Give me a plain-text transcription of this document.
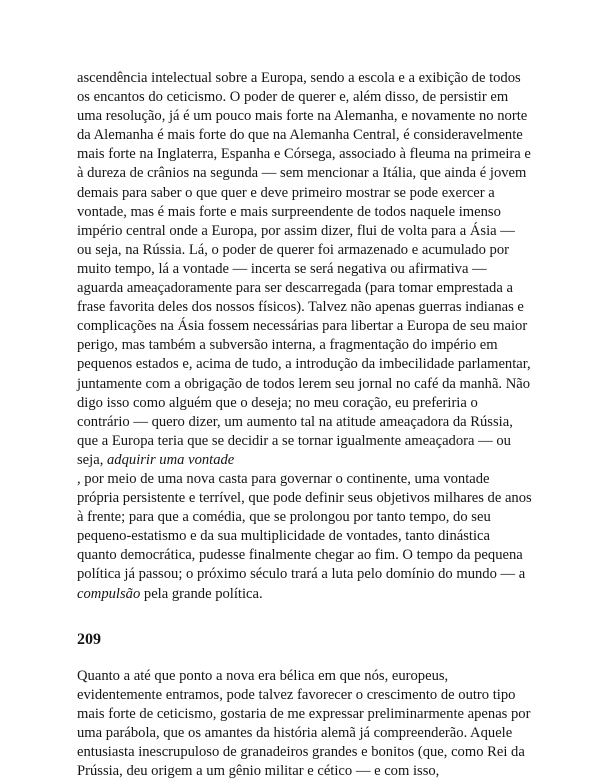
ascendência intelectual sobre a Europa, sendo a escola e a exibição de todos os encantos do ceticismo. O poder de querer e, além disso, de persistir em uma resolução, já é um pouco mais forte na Alemanha, e novamente no norte da Alemanha é mais forte do que na Alemanha Central, é consideravelmente mais forte na Inglaterra, Espanha e Córsega, associado à fleuma na primeira e à dureza de crânios na segunda — sem mencionar a Itália, que ainda é jovem demais para saber o que quer e deve primeiro mostrar se pode exercer a vontade, mas é mais forte e mais surpreendente de todos naquele imenso império central onde a Europa, por assim dizer, flui de volta para a Ásia — ou seja, na Rússia. Lá, o poder de querer foi armazenado e acumulado por muito tempo, lá a vontade — incerta se será negativa ou afirmativa — aguarda ameaçadoramente para ser descarregada (para tomar emprestada a frase favorita deles dos nossos físicos). Talvez não apenas guerras indianas e complicações na Ásia fossem necessárias para libertar a Europa de seu maior perigo, mas também a subversão interna, a fragmentação do império em pequenos estados e, acima de tudo, a introdução da imbecilidade parlamentar, juntamente com a obrigação de todos lerem seu jornal no café da manhã. Não digo isso como alguém que o deseja; no meu coração, eu preferiria o contrário — quero dizer, um aumento tal na atitude ameaçadora da Rússia, que a Europa teria que se decidir a se tornar igualmente ameaçadora — ou seja, adquirir uma vontade
, por meio de uma nova casta para governar o continente, uma vontade própria persistente e terrível, que pode definir seus objetivos milhares de anos à frente; para que a comédia, que se prolongou por tanto tempo, do seu pequeno-estatismo e da sua multiplicidade de vontades, tanto dinástica quanto democrática, pudesse finalmente chegar ao fim. O tempo da pequena política já passou; o próximo século trará a luta pelo domínio do mundo — a compulsão pela grande política.

209

Quanto a até que ponto a nova era bélica em que nós, europeus, evidentemente entramos, pode talvez favorecer o crescimento de outro tipo mais forte de ceticismo, gostaria de me expressar preliminarmente apenas por uma parábola, que os amantes da história alemã já compreenderão. Aquele entusiasta inescrupuloso de granadeiros grandes e bonitos (que, como Rei da Prússia, deu origem a um gênio militar e cético — e com isso,
